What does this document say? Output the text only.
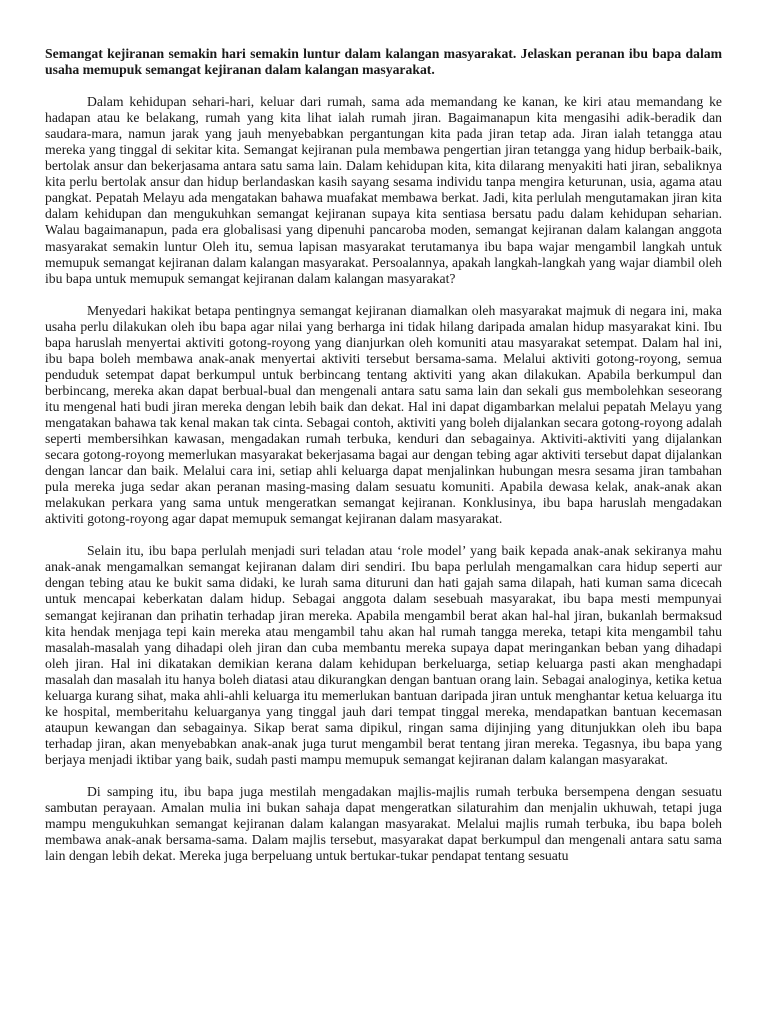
Semangat kejiranan semakin hari semakin luntur dalam kalangan masyarakat. Jelaskan peranan ibu bapa dalam usaha memupuk semangat kejiranan dalam kalangan masyarakat.
Dalam kehidupan sehari-hari, keluar dari rumah, sama ada memandang ke kanan, ke kiri atau memandang ke hadapan atau ke belakang, rumah yang kita lihat ialah rumah jiran. Bagaimanapun kita mengasihi adik-beradik dan saudara-mara, namun jarak yang jauh menyebabkan pergantungan kita pada jiran tetap ada. Jiran ialah tetangga atau mereka yang tinggal di sekitar kita. Semangat kejiranan pula membawa pengertian jiran tetangga yang hidup berbaik-baik, bertolak ansur dan bekerjasama antara satu sama lain. Dalam kehidupan kita, kita dilarang menyakiti hati jiran, sebaliknya kita perlu bertolak ansur dan hidup berlandaskan kasih sayang sesama individu tanpa mengira keturunan, usia, agama atau pangkat. Pepatah Melayu ada mengatakan bahawa muafakat membawa berkat. Jadi, kita perlulah mengutamakan jiran kita dalam kehidupan dan mengukuhkan semangat kejiranan supaya kita sentiasa bersatu padu dalam kehidupan seharian. Walau bagaimanapun, pada era globalisasi yang dipenuhi pancaroba moden, semangat kejiranan dalam kalangan anggota masyarakat semakin luntur Oleh itu, semua lapisan masyarakat terutamanya ibu bapa wajar mengambil langkah untuk memupuk semangat kejiranan dalam kalangan masyarakat. Persoalannya, apakah langkah-langkah yang wajar diambil oleh ibu bapa untuk memupuk semangat kejiranan dalam kalangan masyarakat?
Menyedari hakikat betapa pentingnya semangat kejiranan diamalkan oleh masyarakat majmuk di negara ini, maka usaha perlu dilakukan oleh ibu bapa agar nilai yang berharga ini tidak hilang daripada amalan hidup masyarakat kini. Ibu bapa haruslah menyertai aktiviti gotong-royong yang dianjurkan oleh komuniti atau masyarakat setempat. Dalam hal ini, ibu bapa boleh membawa anak-anak menyertai aktiviti tersebut bersama-sama. Melalui aktiviti gotong-royong, semua penduduk setempat dapat berkumpul untuk berbincang tentang aktiviti yang akan dilakukan. Apabila berkumpul dan berbincang, mereka akan dapat berbual-bual dan mengenali antara satu sama lain dan sekali gus membolehkan seseorang itu mengenal hati budi jiran mereka dengan lebih baik dan dekat. Hal ini dapat digambarkan melalui pepatah Melayu yang mengatakan bahawa tak kenal makan tak cinta. Sebagai contoh, aktiviti yang boleh dijalankan secara gotong-royong adalah seperti membersihkan kawasan, mengadakan rumah terbuka, kenduri dan sebagainya. Aktiviti-aktiviti yang dijalankan secara gotong-royong memerlukan masyarakat bekerjasama bagai aur dengan tebing agar aktiviti tersebut dapat dijalankan dengan lancar dan baik. Melalui cara ini, setiap ahli keluarga dapat menjalinkan hubungan mesra sesama jiran tambahan pula mereka juga sedar akan peranan masing-masing dalam sesuatu komuniti. Apabila dewasa kelak, anak-anak akan melakukan perkara yang sama untuk mengeratkan semangat kejiranan. Konklusinya, ibu bapa haruslah mengadakan aktiviti gotong-royong agar dapat memupuk semangat kejiranan dalam masyarakat.
Selain itu, ibu bapa perlulah menjadi suri teladan atau ‘role model’ yang baik kepada anak-anak sekiranya mahu anak-anak mengamalkan semangat kejiranan dalam diri sendiri. Ibu bapa perlulah mengamalkan cara hidup seperti aur dengan tebing atau ke bukit sama didaki, ke lurah sama dituruni dan hati gajah sama dilapah, hati kuman sama dicecah untuk mencapai keberkatan dalam hidup. Sebagai anggota dalam sesebuah masyarakat, ibu bapa mesti mempunyai semangat kejiranan dan prihatin terhadap jiran mereka. Apabila mengambil berat akan hal-hal jiran, bukanlah bermaksud kita hendak menjaga tepi kain mereka atau mengambil tahu akan hal rumah tangga mereka, tetapi kita mengambil tahu masalah-masalah yang dihadapi oleh jiran dan cuba membantu mereka supaya dapat meringankan beban yang dihadapi oleh jiran. Hal ini dikatakan demikian kerana dalam kehidupan berkeluarga, setiap keluarga pasti akan menghadapi masalah dan masalah itu hanya boleh diatasi atau dikurangkan dengan bantuan orang lain. Sebagai analoginya, ketika ketua keluarga kurang sihat, maka ahli-ahli keluarga itu memerlukan bantuan daripada jiran untuk menghantar ketua keluarga itu ke hospital, memberitahu keluarganya yang tinggal jauh dari tempat tinggal mereka, mendapatkan bantuan kecemasan ataupun kewangan dan sebagainya. Sikap berat sama dipikul, ringan sama dijinjing yang ditunjukkan oleh ibu bapa terhadap jiran, akan menyebabkan anak-anak juga turut mengambil berat tentang jiran mereka. Tegasnya, ibu bapa yang berjaya menjadi iktibar yang baik, sudah pasti mampu memupuk semangat kejiranan dalam kalangan masyarakat.
Di samping itu, ibu bapa juga mestilah mengadakan majlis-majlis rumah terbuka bersempena dengan sesuatu sambutan perayaan. Amalan mulia ini bukan sahaja dapat mengeratkan silaturahim dan menjalin ukhuwah, tetapi juga mampu mengukuhkan semangat kejiranan dalam kalangan masyarakat. Melalui majlis rumah terbuka, ibu bapa boleh membawa anak-anak bersama-sama. Dalam majlis tersebut, masyarakat dapat berkumpul dan mengenali antara satu sama lain dengan lebih dekat. Mereka juga berpeluang untuk bertukar-tukar pendapat tentang sesuatu
